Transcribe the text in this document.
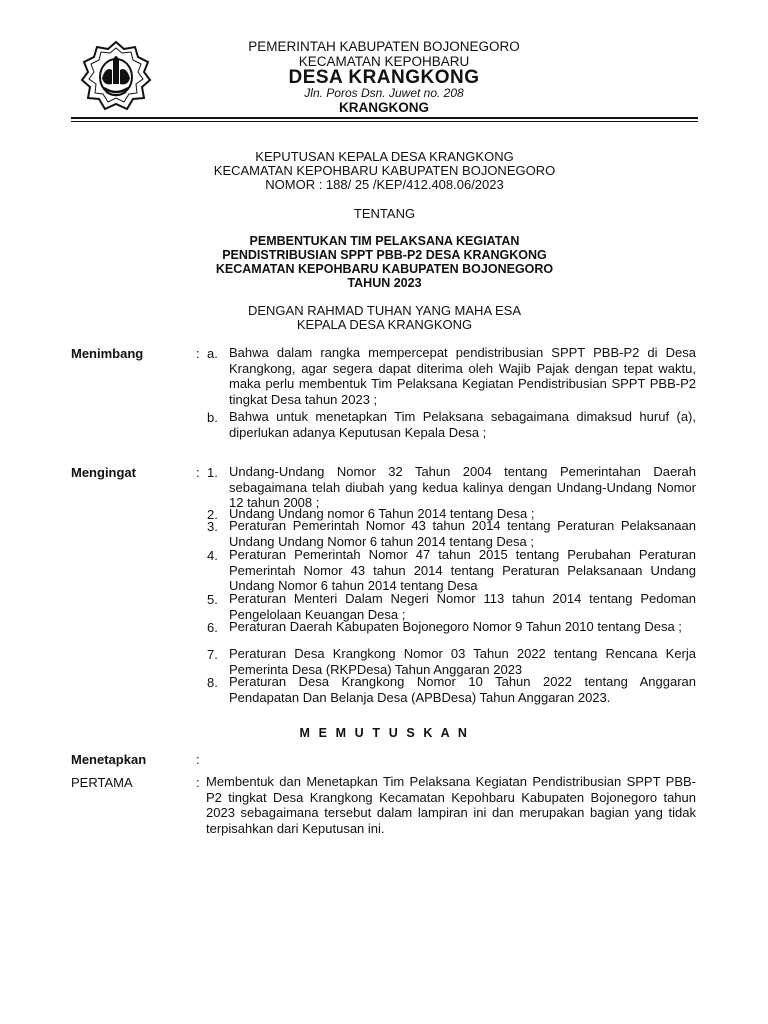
PEMERINTAH KABUPATEN BOJONEGORO
KECAMATAN KEPOHBARU
DESA KRANGKONG
Jln. Poros Dsn. Juwet no. 208
KRANGKONG
KEPUTUSAN KEPALA DESA KRANGKONG
KECAMATAN KEPOHBARU KABUPATEN BOJONEGORO
NOMOR : 188/ 25 /KEP/412.408.06/2023
TENTANG
PEMBENTUKAN TIM PELAKSANA KEGIATAN
PENDISTRIBUSIAN SPPT PBB-P2 DESA KRANGKONG
KECAMATAN KEPOHBARU KABUPATEN BOJONEGORO
TAHUN 2023
DENGAN RAHMAD TUHAN YANG MAHA ESA
KEPALA DESA KRANGKONG
Menimbang	: a. Bahwa dalam rangka mempercepat pendistribusian SPPT PBB-P2 di Desa Krangkong, agar segera dapat diterima oleh Wajib Pajak dengan tepat waktu, maka perlu membentuk Tim Pelaksana Kegiatan Pendistribusian SPPT PBB-P2 tingkat Desa tahun 2023 ;
b. Bahwa untuk menetapkan Tim Pelaksana sebagaimana dimaksud huruf (a), diperlukan adanya Keputusan Kepala Desa ;
Mengingat	: 1. Undang-Undang Nomor 32 Tahun 2004 tentang Pemerintahan Daerah sebagaimana telah diubah yang kedua kalinya dengan Undang-Undang Nomor 12 tahun 2008 ;
2. Undang Undang nomor 6 Tahun 2014 tentang Desa ;
3. Peraturan Pemerintah Nomor 43 tahun 2014 tentang Peraturan Pelaksanaan Undang Undang Nomor 6 tahun 2014 tentang Desa ;
4. Peraturan Pemerintah Nomor 47 tahun 2015 tentang Perubahan Peraturan Pemerintah Nomor 43 tahun 2014 tentang Peraturan Pelaksanaan Undang Undang Nomor 6 tahun 2014 tentang Desa
5. Peraturan Menteri Dalam Negeri Nomor 113 tahun 2014 tentang Pedoman Pengelolaan Keuangan Desa ;
6. Peraturan Daerah Kabupaten Bojonegoro Nomor 9 Tahun 2010 tentang Desa ;
7. Peraturan Desa Krangkong Nomor 03 Tahun 2022 tentang Rencana Kerja Pemerinta Desa (RKPDesa) Tahun Anggaran 2023
8. Peraturan Desa Krangkong Nomor 10 Tahun 2022 tentang Anggaran Pendapatan Dan Belanja Desa (APBDesa) Tahun Anggaran 2023.
M E M U T U S K A N
Menetapkan	:
PERTAMA	: Membentuk dan Menetapkan Tim Pelaksana Kegiatan Pendistribusian SPPT PBB-P2 tingkat Desa Krangkong Kecamatan Kepohbaru Kabupaten Bojonegoro tahun 2023 sebagaimana tersebut dalam lampiran ini dan merupakan bagian yang tidak terpisahkan dari Keputusan ini.
